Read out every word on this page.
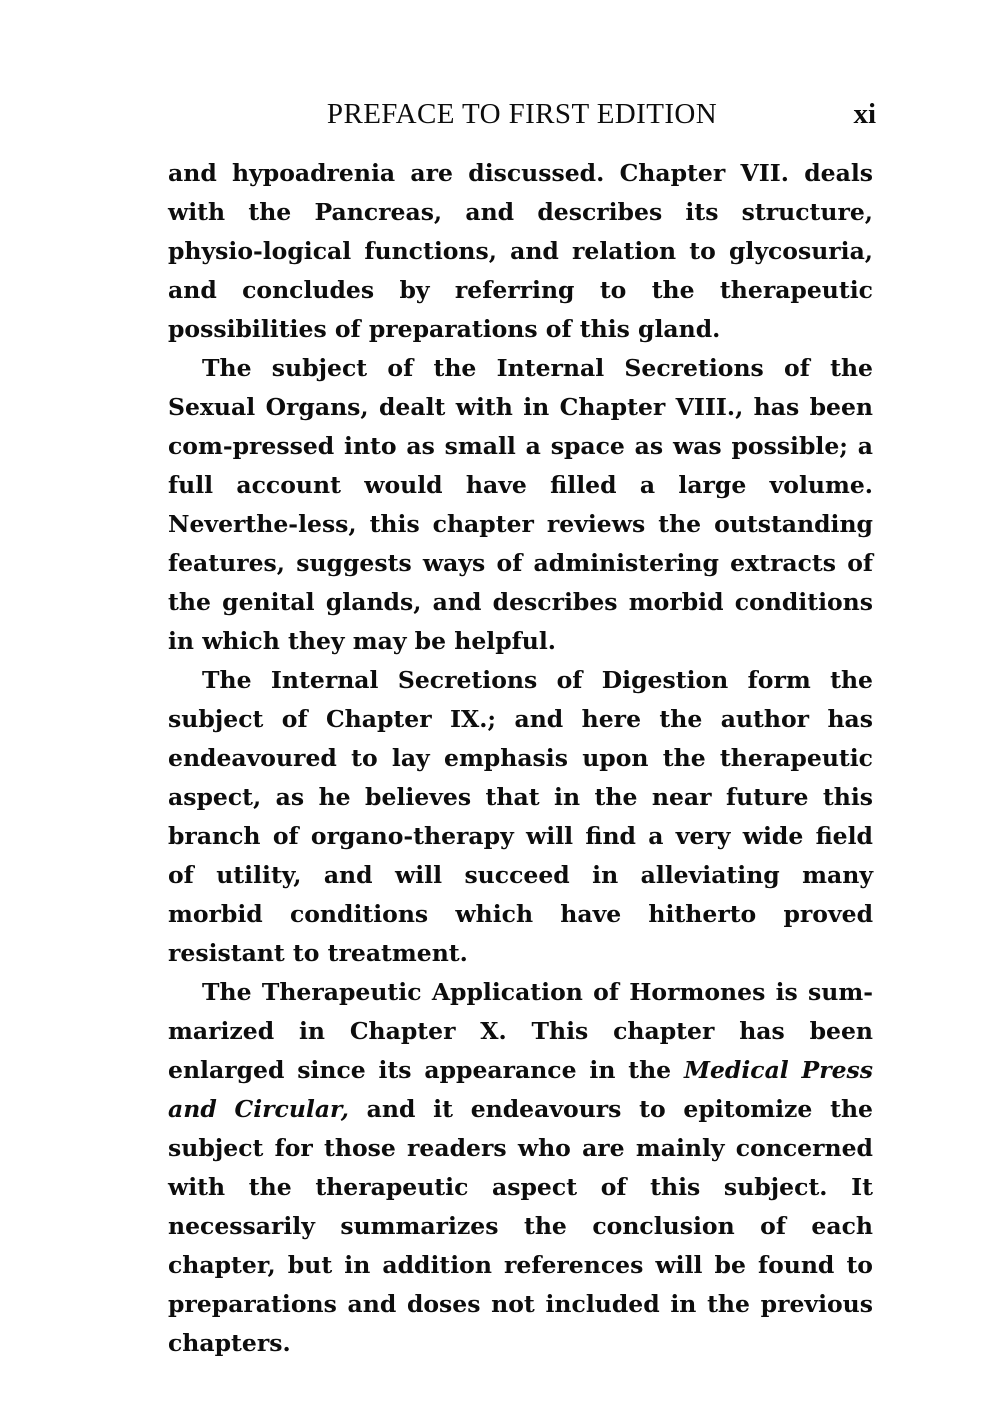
PREFACE TO FIRST EDITION	xi

and hypoadrenia are discussed. Chapter VII. deals with the Pancreas, and describes its structure, physio-logical functions, and relation to glycosuria, and concludes by referring to the therapeutic possibilities of preparations of this gland.

The subject of the Internal Secretions of the Sexual Organs, dealt with in Chapter VIII., has been com-pressed into as small a space as was possible; a full account would have filled a large volume. Neverthe-less, this chapter reviews the outstanding features, suggests ways of administering extracts of the genital glands, and describes morbid conditions in which they may be helpful.

The Internal Secretions of Digestion form the subject of Chapter IX.; and here the author has endeavoured to lay emphasis upon the therapeutic aspect, as he believes that in the near future this branch of organo-therapy will find a very wide field of utility, and will succeed in alleviating many morbid conditions which have hitherto proved resistant to treatment.

The Therapeutic Application of Hormones is sum-marized in Chapter X. This chapter has been enlarged since its appearance in the Medical Press and Circular, and it endeavours to epitomize the subject for those readers who are mainly concerned with the therapeutic aspect of this subject. It necessarily summarizes the conclusion of each chapter, but in addition references will be found to preparations and doses not included in the previous chapters.
